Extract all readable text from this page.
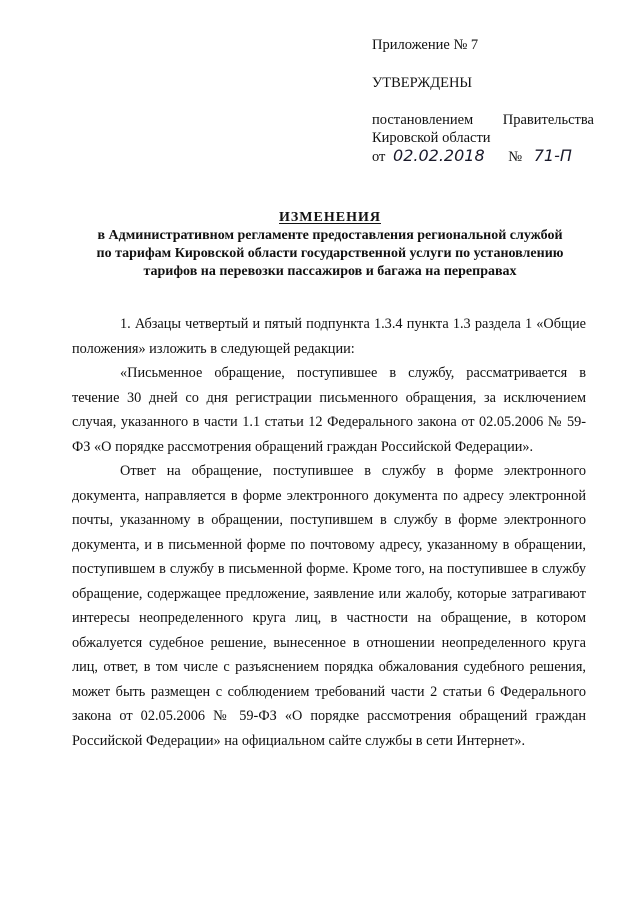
Приложение № 7
УТВЕРЖДЕНЫ
постановлением Правительства
Кировской области
от 02.02.2018 № 71-П
ИЗМЕНЕНИЯ
в Административном регламенте предоставления региональной службой
по тарифам Кировской области государственной услуги по установлению
тарифов на перевозки пассажиров и багажа на переправах

1. Абзацы четвертый и пятый подпункта 1.3.4 пункта 1.3 раздела 1 «Общие положения» изложить в следующей редакции:

«Письменное обращение, поступившее в службу, рассматривается в течение 30 дней со дня регистрации письменного обращения, за исключением случая, указанного в части 1.1 статьи 12 Федерального закона от 02.05.2006 № 59-ФЗ «О порядке рассмотрения обращений граждан Российской Федерации».

Ответ на обращение, поступившее в службу в форме электронного документа, направляется в форме электронного документа по адресу электронной почты, указанному в обращении, поступившем в службу в форме электронного документа, и в письменной форме по почтовому адресу, указанному в обращении, поступившем в службу в письменной форме. Кроме того, на поступившее в службу обращение, содержащее предложение, заявление или жалобу, которые затрагивают интересы неопределенного круга лиц, в частности на обращение, в котором обжалуется судебное решение, вынесенное в отношении неопределенного круга лиц, ответ, в том числе с разъяснением порядка обжалования судебного решения, может быть размещен с соблюдением требований части 2 статьи 6 Федерального закона от 02.05.2006 № 59-ФЗ «О порядке рассмотрения обращений граждан Российской Федерации» на официальном сайте службы в сети Интернет».
